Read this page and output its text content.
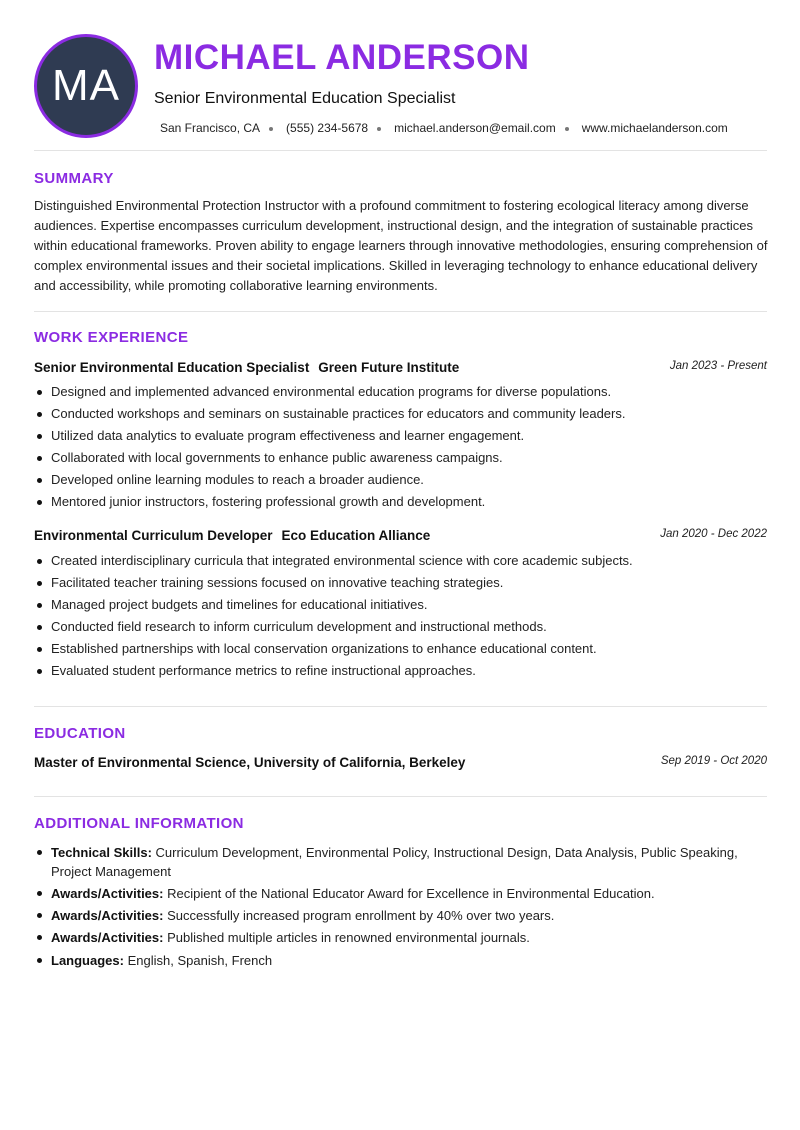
MA
MICHAEL ANDERSON
Senior Environmental Education Specialist
San Francisco, CA (555) 234-5678 michael.anderson@email.com www.michaelanderson.com
SUMMARY

Distinguished Environmental Protection Instructor with a profound commitment to fostering ecological literacy among diverse audiences. Expertise encompasses curriculum development, instructional design, and the integration of sustainable practices within educational frameworks. Proven ability to engage learners through innovative methodologies, ensuring comprehension of complex environmental issues and their societal implications. Skilled in leveraging technology to enhance educational delivery and accessibility, while promoting collaborative learning environments.

WORK EXPERIENCE
Senior Environmental Education Specialist Green Future Institute	Jan 2023 - Present
Designed and implemented advanced environmental education programs for diverse populations.
Conducted workshops and seminars on sustainable practices for educators and community leaders.
Utilized data analytics to evaluate program effectiveness and learner engagement.
Collaborated with local governments to enhance public awareness campaigns.
Developed online learning modules to reach a broader audience.
Mentored junior instructors, fostering professional growth and development.
Environmental Curriculum Developer Eco Education Alliance	Jan 2020 - Dec 2022
Created interdisciplinary curricula that integrated environmental science with core academic subjects.
Facilitated teacher training sessions focused on innovative teaching strategies.
Managed project budgets and timelines for educational initiatives.
Conducted field research to inform curriculum development and instructional methods.
Established partnerships with local conservation organizations to enhance educational content.
Evaluated student performance metrics to refine instructional approaches.
EDUCATION
Master of Environmental Science, University of California, Berkeley	Sep 2019 - Oct 2020
ADDITIONAL INFORMATION
Technical Skills: Curriculum Development, Environmental Policy, Instructional Design, Data Analysis, Public Speaking, Project Management
Awards/Activities: Recipient of the National Educator Award for Excellence in Environmental Education.
Awards/Activities: Successfully increased program enrollment by 40% over two years.
Awards/Activities: Published multiple articles in renowned environmental journals.
Languages: English, Spanish, French
